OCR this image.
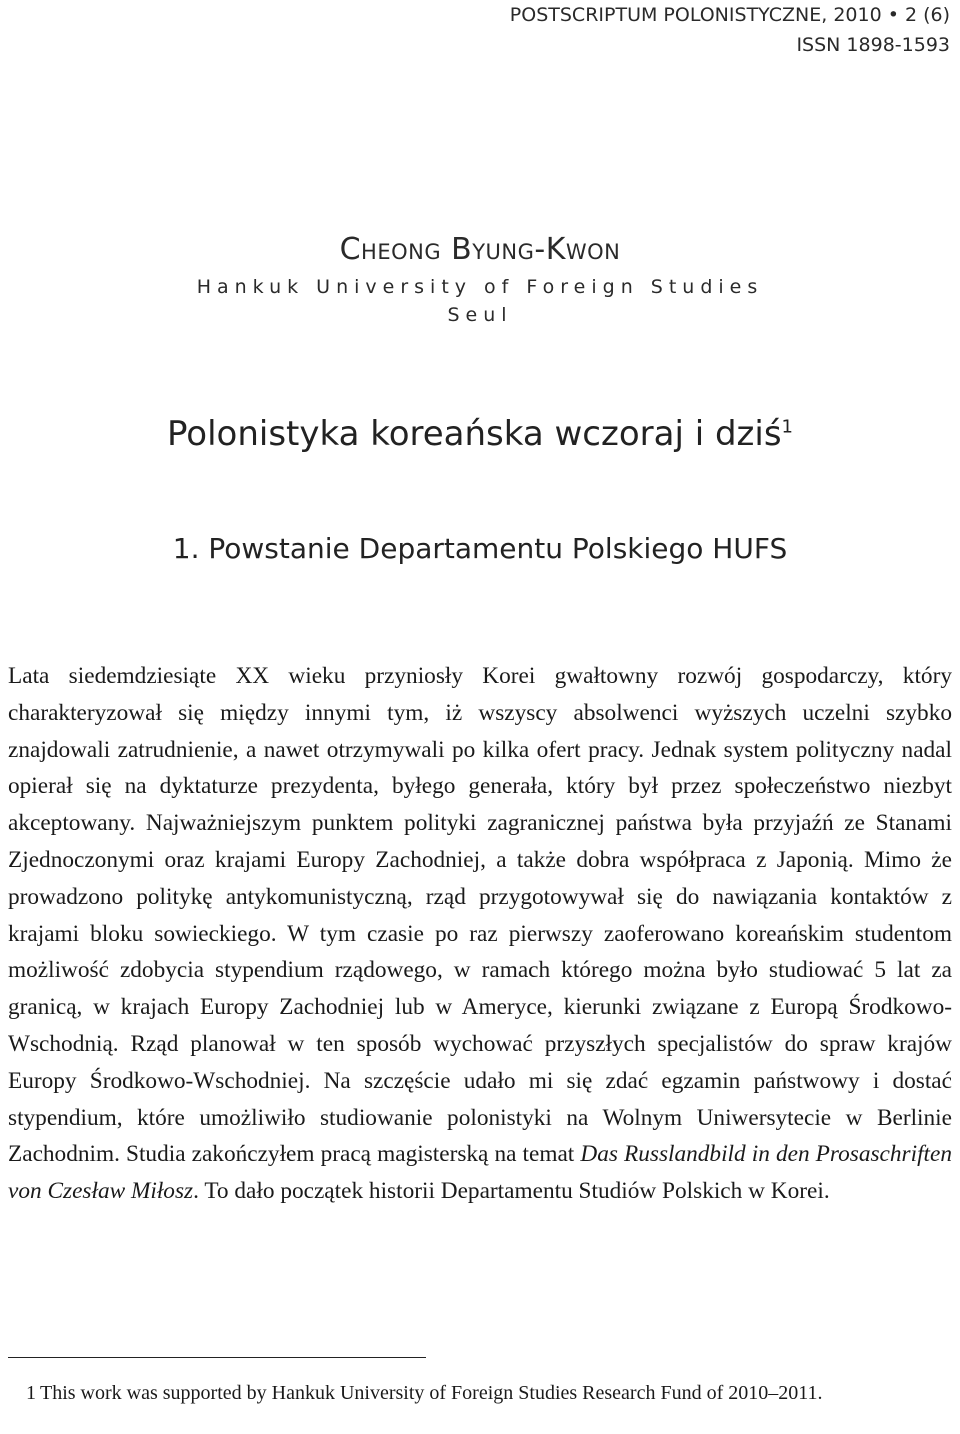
POSTSCRIPTUM POLONISTYCZNE, 2010 • 2 (6)
ISSN 1898-1593
Cheong Byung-Kwon
Hankuk University of Foreign Studies
Seul
Polonistyka koreańska wczoraj i dziś$^1$
1. Powstanie Departamentu Polskiego HUFS

Lata siedemdziesiąte XX wieku przyniosły Korei gwałtowny rozwój gospodarczy, który charakteryzował się między innymi tym, iż wszyscy absolwenci wyższych uczelni szybko znajdowali zatrudnienie, a nawet otrzymywali po kilka ofert pracy. Jednak system polityczny nadal opierał się na dyktaturze prezydenta, byłego generała, który był przez społeczeństwo niezbyt akceptowany. Najważniejszym punktem polityki zagranicznej państwa była przyjaźń ze Stanami Zjednoczonymi oraz krajami Europy Zachodniej, a także dobra współpraca z Japonią. Mimo że prowadzono politykę antykomunistyczną, rząd przygotowywał się do nawiązania kontaktów z krajami bloku sowieckiego. W tym czasie po raz pierwszy zaoferowano koreańskim studentom możliwość zdobycia stypendium rządowego, w ramach którego można było studiować 5 lat za granicą, w krajach Europy Zachodniej lub w Ameryce, kierunki związane z Europą Środkowo-Wschodnią. Rząd planował w ten sposób wychować przyszłych specjalistów do spraw krajów Europy Środkowo-Wschodniej. Na szczęście udało mi się zdać egzamin państwowy i dostać stypendium, które umożliwiło studiowanie polonistyki na Wolnym Uniwersytecie w Berlinie Zachodnim. Studia zakończyłem pracą magisterską na temat Das Russlandbild in den Prosaschriften von Czesław Miłosz. To dało początek historii Departamentu Studiów Polskich w Korei.

1 This work was supported by Hankuk University of Foreign Studies Research Fund of 2010–2011.
